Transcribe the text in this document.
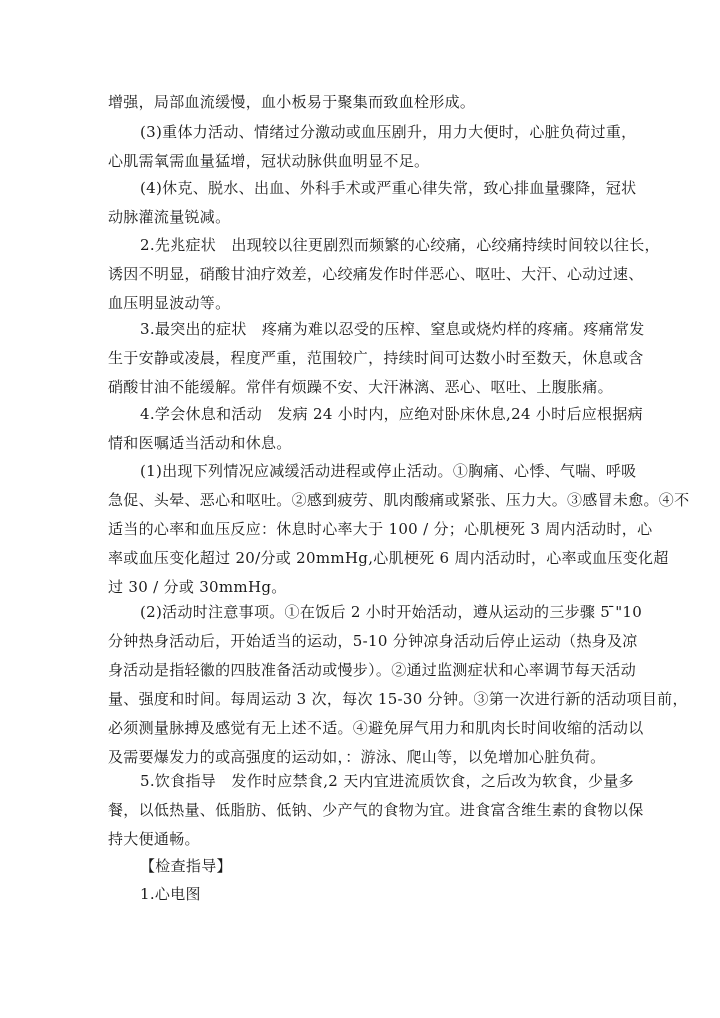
增强，局部血流缓慢，血小板易于聚集而致血栓形成。
(3)重体力活动、情绪过分激动或血压剧升，用力大便时，心脏负荷过重，
心肌需氧需血量猛增，冠状动脉供血明显不足。
(4)休克、脱水、出血、外科手术或严重心律失常，致心排血量骤降，冠状
动脉灌流量锐减。
2.先兆症状　出现较以往更剧烈而频繁的心绞痛，心绞痛持续时间较以往长，
诱因不明显，硝酸甘油疗效差，心绞痛发作时伴恶心、呕吐、大汗、心动过速、
血压明显波动等。
3.最突出的症状　疼痛为难以忍受的压榨、窒息或烧灼样的疼痛。疼痛常发
生于安静或凌晨，程度严重，范围较广，持续时间可达数小时至数天，休息或含
硝酸甘油不能缓解。常伴有烦躁不安、大汗淋漓、恶心、呕吐、上腹胀痛。
4.学会休息和活动　发病 24 小时内，应绝对卧床休息,24 小时后应根据病
情和医嘱适当活动和休息。
(1)出现下列情况应减缓活动进程或停止活动。①胸痛、心悸、气喘、呼吸
急促、头晕、恶心和呕吐。②感到疲劳、肌肉酸痛或紧张、压力大。③感冒未愈。④不
适当的心率和血压反应：休息时心率大于 100 / 分；心肌梗死 3 周内活动时，心
率或血压变化超过 20/分或 20mmHg,心肌梗死 6 周内活动时，心率或血压变化超
过 30 / 分或 30mmHg。
(2)活动时注意事项。①在饭后 2 小时开始活动，遵从运动的三步骤 5 ̄"10
分钟热身活动后，开始适当的运动，5-10 分钟凉身活动后停止运动（热身及凉
身活动是指轻徽的四肢准备活动或慢步）。②通过监测症状和心率调节每天活动
量、强度和时间。每周运动 3 次，每次 15-30 分钟。③第一次进行新的活动项目前，
必须测量脉搏及感觉有无上述不适。④避免屏气用力和肌肉长时间收缩的活动以
及需要爆发力的或高强度的运动如，：游泳、爬山等，以免增加心脏负荷。
5.饮食指导　发作时应禁食,2 天内宜进流质饮食，之后改为软食，少量多
餐，以低热量、低脂肪、低钠、少产气的食物为宜。进食富含维生素的食物以保
持大便通畅。
【检查指导】
1.心电图
